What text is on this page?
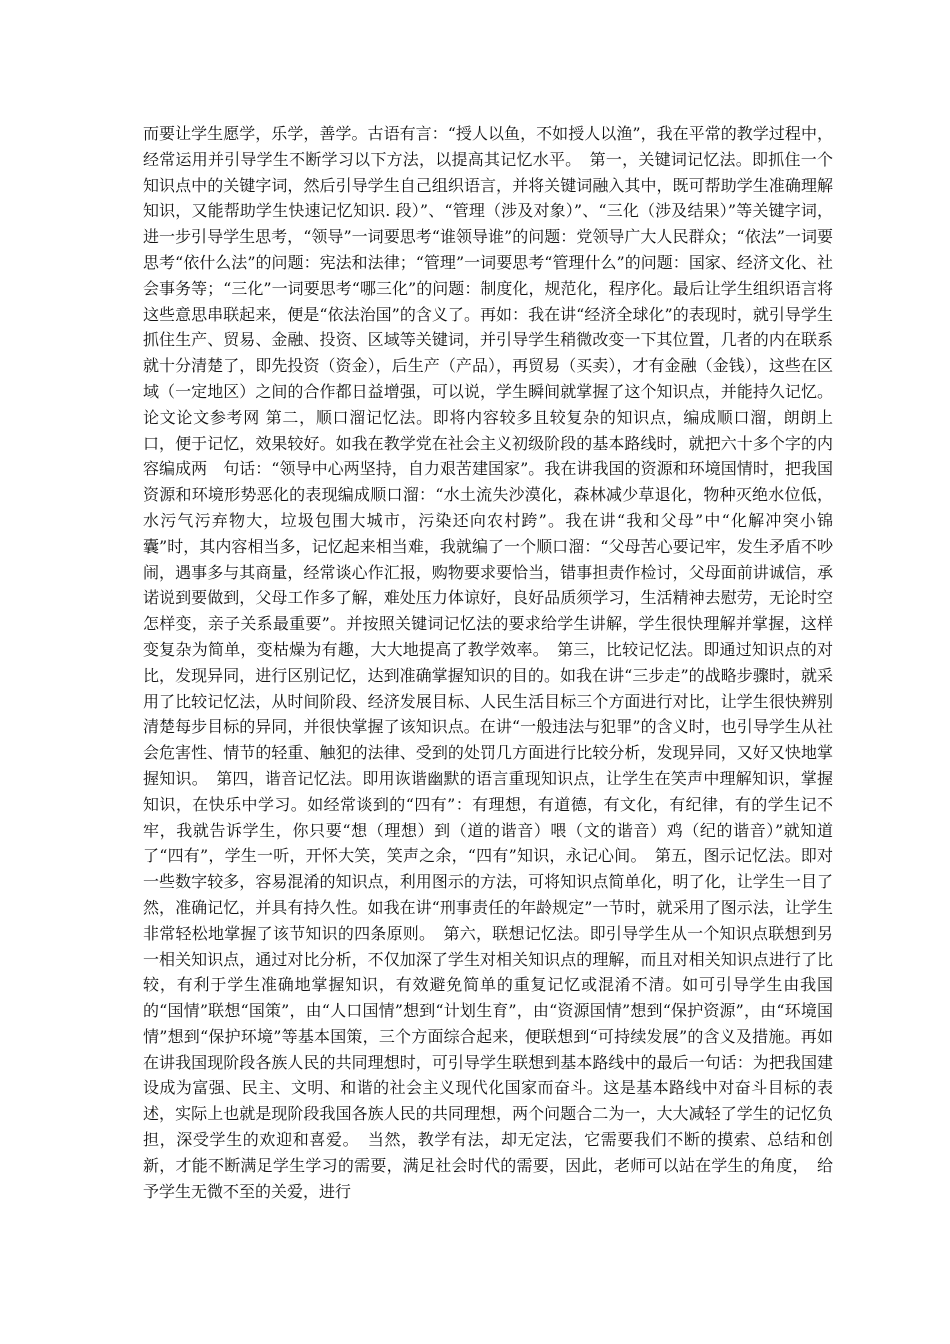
而要让学生愿学，乐学，善学。古语有言：“授人以鱼，不如授人以渔”，我在平常的教学过程中，经常运用并引导学生不断学习以下方法，以提高其记忆水平。　第一，关键词记忆法。即抓住一个知识点中的关键字词，然后引导学生自己组织语言，并将关键词融入其中，既可帮助学生准确理解知识，又能帮助学生快速记忆知识. 段）”、“管理（涉及对象）”、“三化（涉及结果）”等关键字词，进一步引导学生思考，“领导”一词要思考“谁领导谁”的问题：党领导广大人民群众；“依法”一词要思考“依什么法”的问题：宪法和法律；“管理”一词要思考“管理什么”的问题：国家、经济文化、社会事务等；“三化”一词要思考“哪三化”的问题：制度化，规范化，程序化。最后让学生组织语言将这些意思串联起来，便是“依法治国”的含义了。再如：我在讲“经济全球化”的表现时，就引导学生抓住生产、贸易、金融、投资、区域等关键词，并引导学生稍微改变一下其位置，几者的内在联系就十分清楚了，即先投资（资金），后生产（产品），再贸易（买卖），才有金融（金钱），这些在区域（一定地区）之间的合作都日益增强，可以说，学生瞬间就掌握了这个知识点，并能持久记忆。论文论文参考网 第二，顺口溜记忆法。即将内容较多且较复杂的知识点，编成顺口溜，朗朗上口，便于记忆，效果较好。如我在教学党在社会主义初级阶段的基本路线时，就把六十多个字的内容编成两　句话：“领导中心两坚持，自力艰苦建国家”。我在讲我国的资源和环境国情时，把我国资源和环境形势恶化的表现编成顺口溜：“水土流失沙漠化，森林减少草退化，物种灭绝水位低，水污气污弃物大，垃圾包围大城市，污染还向农村跨”。我在讲“我和父母”中“化解冲突小锦囊”时，其内容相当多，记忆起来相当难，我就编了一个顺口溜：“父母苦心要记牢，发生矛盾不吵闹，遇事多与其商量，经常谈心作汇报，购物要求要恰当，错事担责作检讨，父母面前讲诚信，承诺说到要做到，父母工作多了解，难处压力体谅好，良好品质须学习，生活精神去慰劳，无论时空怎样变，亲子关系最重要”。并按照关键词记忆法的要求给学生讲解，学生很快理解并掌握，这样变复杂为简单，变枯燥为有趣，大大地提高了教学效率。　第三，比较记忆法。即通过知识点的对比，发现异同，进行区别记忆，达到准确掌握知识的目的。如我在讲“三步走”的战略步骤时，就采用了比较记忆法，从时间阶段、经济发展目标、人民生活目标三个方面进行对比，让学生很快辨别清楚每步目标的异同，并很快掌握了该知识点。在讲“一般违法与犯罪”的含义时，也引导学生从社会危害性、情节的轻重、触犯的法律、受到的处罚几方面进行比较分析，发现异同，又好又快地掌握知识。　第四，谐音记忆法。即用诙谐幽默的语言重现知识点，让学生在笑声中理解知识，掌握知识，在快乐中学习。如经常谈到的“四有”：有理想，有道德，有文化，有纪律，有的学生记不牢，我就告诉学生，你只要“想（理想）到（道的谐音）喂（文的谐音）鸡（纪的谐音）”就知道了“四有”，学生一听，开怀大笑，笑声之余，“四有”知识，永记心间。　第五，图示记忆法。即对一些数字较多，容易混淆的知识点，利用图示的方法，可将知识点简单化，明了化，让学生一目了然，准确记忆，并具有持久性。如我在讲“刑事责任的年龄规定”一节时，就采用了图示法，让学生非常轻松地掌握了该节知识的四条原则。　第六，联想记忆法。即引导学生从一个知识点联想到另一相关知识点，通过对比分析，不仅加深了学生对相关知识点的理解，而且对相关知识点进行了比较，有利于学生准确地掌握知识，有效避免简单的重复记忆或混淆不清。如可引导学生由我国的“国情”联想“国策”，由“人口国情”想到“计划生育”，由“资源国情”想到“保护资源”，由“环境国情”想到“保护环境”等基本国策，三个方面综合起来，便联想到“可持续发展”的含义及措施。再如在讲我国现阶段各族人民的共同理想时，可引导学生联想到基本路线中的最后一句话：为把我国建设成为富强、民主、文明、和谐的社会主义现代化国家而奋斗。这是基本路线中对奋斗目标的表述，实际上也就是现阶段我国各族人民的共同理想，两个问题合二为一，大大减轻了学生的记忆负担，深受学生的欢迎和喜爱。　当然，教学有法，却无定法，它需要我们不断的摸索、总结和创新，才能不断满足学生学习的需要，满足社会时代的需要，因此，老师可以站在学生的角度，　给予学生无微不至的关爱，进行
